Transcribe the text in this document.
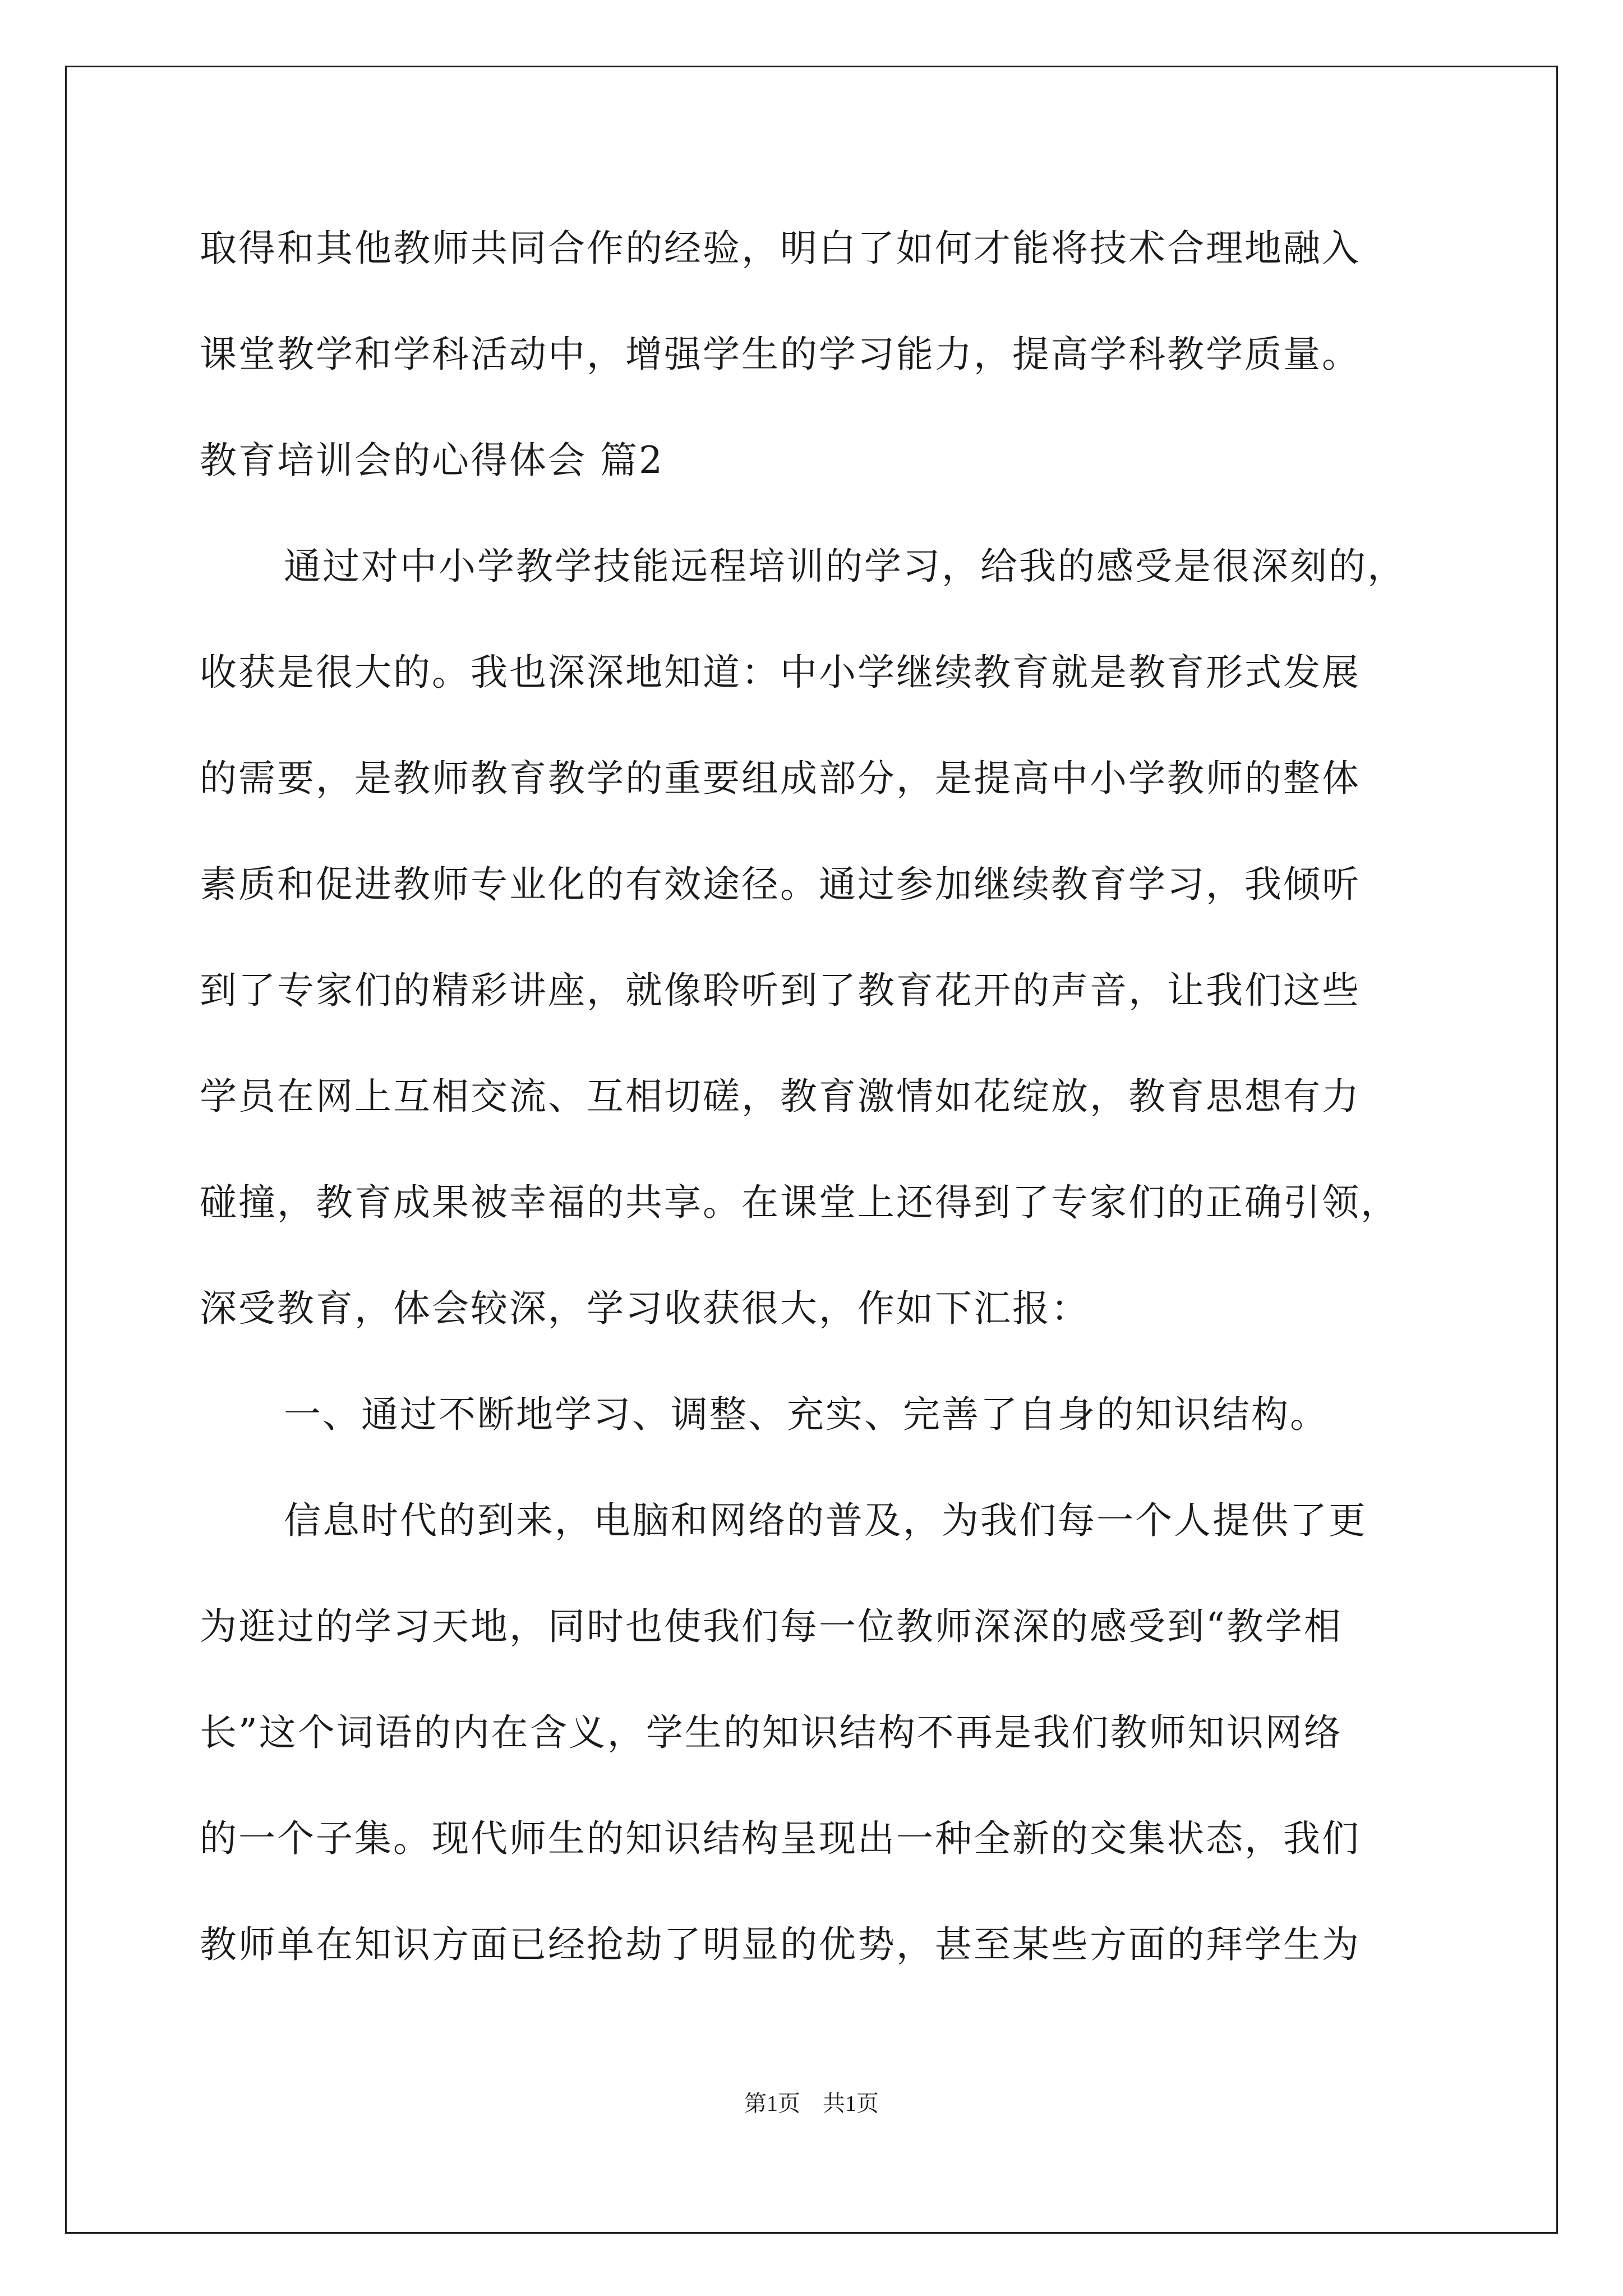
取得和其他教师共同合作的经验，明白了如何才能将技术合理地融入
课堂教学和学科活动中，增强学生的学习能力，提高学科教学质量。
教育培训会的心得体会 篇2
通过对中小学教学技能远程培训的学习，给我的感受是很深刻的，
收获是很大的。我也深深地知道：中小学继续教育就是教育形式发展
的需要，是教师教育教学的重要组成部分，是提高中小学教师的整体
素质和促进教师专业化的有效途径。通过参加继续教育学习，我倾听
到了专家们的精彩讲座，就像聆听到了教育花开的声音，让我们这些
学员在网上互相交流、互相切磋，教育激情如花绽放，教育思想有力
碰撞，教育成果被幸福的共享。在课堂上还得到了专家们的正确引领，
深受教育，体会较深，学习收获很大，作如下汇报：
一、通过不断地学习、调整、充实、完善了自身的知识结构。
信息时代的到来，电脑和网络的普及，为我们每一个人提供了更
为逛过的学习天地，同时也使我们每一位教师深深的感受到“教学相
长”这个词语的内在含义，学生的知识结构不再是我们教师知识网络
的一个子集。现代师生的知识结构呈现出一种全新的交集状态，我们
教师单在知识方面已经抢劫了明显的优势，甚至某些方面的拜学生为
第1页　共1页
